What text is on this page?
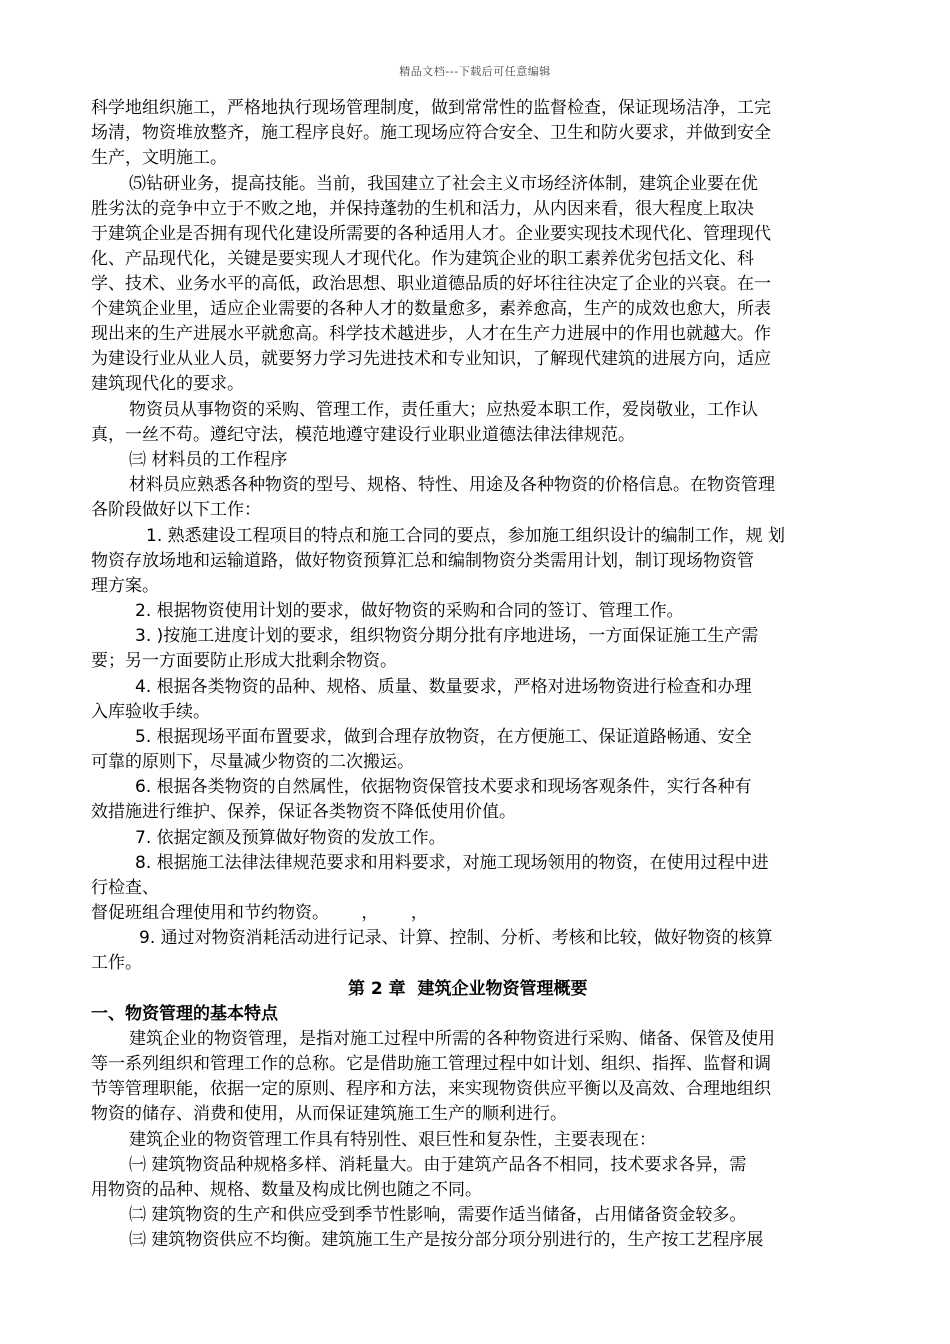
精品文档---下载后可任意编辑
科学地组织施工，严格地执行现场管理制度，做到常常性的监督检查，保证现场洁净，工完
场清，物资堆放整齐，施工程序良好。施工现场应符合安全、卫生和防火要求，并做到安全
生产，文明施工。
⑸钻研业务，提高技能。当前，我国建立了社会主义市场经济体制，建筑企业要在优
胜劣汰的竞争中立于不败之地，并保持蓬勃的生机和活力，从内因来看，很大程度上取决
于建筑企业是否拥有现代化建设所需要的各种适用人才。企业要实现技术现代化、管理现代
化、产品现代化，关键是要实现人才现代化。作为建筑企业的职工素养优劣包括文化、科
学、技术、业务水平的高低，政治思想、职业道德品质的好坏往往决定了企业的兴衰。在一
个建筑企业里，适应企业需要的各种人才的数量愈多，素养愈高，生产的成效也愈大，所表
现出来的生产进展水平就愈高。科学技术越进步，人才在生产力进展中的作用也就越大。作
为建设行业从业人员，就要努力学习先进技术和专业知识，了解现代建筑的进展方向，适应
建筑现代化的要求。
物资员从事物资的采购、管理工作，责任重大；应热爱本职工作，爱岗敬业，工作认
真，一丝不苟。遵纪守法，模范地遵守建设行业职业道德法律法律规范。
㈢ 材料员的工作程序
材料员应熟悉各种物资的型号、规格、特性、用途及各种物资的价格信息。在物资管理
各阶段做好以下工作：
1. 熟悉建设工程项目的特点和施工合同的要点，参加施工组织设计的编制工作，规 划
物资存放场地和运输道路，做好物资预算汇总和编制物资分类需用计划，制订现场物资管
理方案。
2. 根据物资使用计划的要求，做好物资的采购和合同的签订、管理工作。
3. )按施工进度计划的要求，组织物资分期分批有序地进场，一方面保证施工生产需
要；另一方面要防止形成大批剩余物资。
4. 根据各类物资的品种、规格、质量、数量要求，严格对进场物资进行检查和办理
入库验收手续。
5. 根据现场平面布置要求，做到合理存放物资，在方便施工、保证道路畅通、安全
可靠的原则下，尽量减少物资的二次搬运。
6. 根据各类物资的自然属性，依据物资保管技术要求和现场客观条件，实行各种有
效措施进行维护、保养，保证各类物资不降低使用价值。
7. 依据定额及预算做好物资的发放工作。
8. 根据施工法律法律规范要求和用料要求，对施工现场领用的物资，在使用过程中进
行检查、
督促班组合理使用和节约物资。      ，      ，
9. 通过对物资消耗活动进行记录、计算、控制、分析、考核和比较，做好物资的核算
工作。
第 2 章  建筑企业物资管理概要
一、物资管理的基本特点
建筑企业的物资管理，是指对施工过程中所需的各种物资进行采购、储备、保管及使用
等一系列组织和管理工作的总称。它是借助施工管理过程中如计划、组织、指挥、监督和调
节等管理职能，依据一定的原则、程序和方法，来实现物资供应平衡以及高效、合理地组织
物资的储存、消费和使用，从而保证建筑施工生产的顺利进行。
建筑企业的物资管理工作具有特别性、艰巨性和复杂性，主要表现在：
㈠ 建筑物资品种规格多样、消耗量大。由于建筑产品各不相同，技术要求各异，需
用物资的品种、规格、数量及构成比例也随之不同。
㈡ 建筑物资的生产和供应受到季节性影响，需要作适当储备，占用储备资金较多。
㈢ 建筑物资供应不均衡。建筑施工生产是按分部分项分别进行的，生产按工艺程序展
